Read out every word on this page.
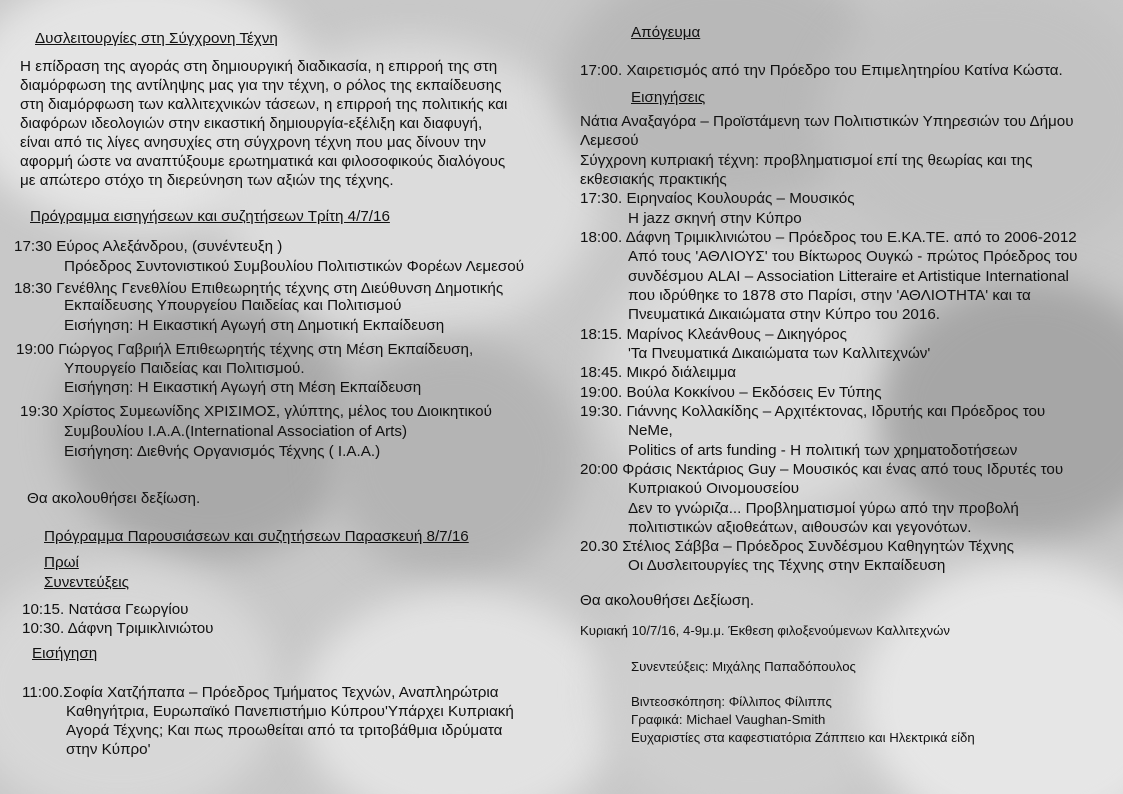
Δυσλειτουργίες στη Σύγχρονη Τέχνη
Η επίδραση της αγοράς στη δημιουργική διαδικασία, η επιρροή της στη
διαμόρφωση της αντίληψης μας για την τέχνη, ο ρόλος της εκπαίδευσης
στη διαμόρφωση των καλλιτεχνικών τάσεων, η επιρροή της πολιτικής και
διαφόρων ιδεολογιών στην εικαστική δημιουργία-εξέλιξη και διαφυγή,
είναι από τις λίγες ανησυχίες στη σύγχρονη τέχνη που μας δίνουν την
αφορμή ώστε να αναπτύξουμε ερωτηματικά και φιλοσοφικούς διαλόγους
με απώτερο στόχο τη διερεύνηση των αξιών της τέχνης.
Πρόγραμμα εισηγήσεων και συζητήσεων Τρίτη 4/7/16
17:30 Εύρος Αλεξάνδρου, (συνέντευξη )
Πρόεδρος Συντονιστικού Συμβουλίου Πολιτιστικών Φορέων Λεμεσού
18:30 Γενέθλης Γενεθλίου Επιθεωρητής τέχνης στη Διεύθυνση Δημοτικής
Εκπαίδευσης Υπουργείου Παιδείας και Πολιτισμού
Εισήγηση: Η Εικαστική Αγωγή στη Δημοτική Εκπαίδευση
19:00 Γιώργος Γαβριήλ Επιθεωρητής τέχνης στη Μέση Εκπαίδευση,
Υπουργείο Παιδείας και Πολιτισμού.
Εισήγηση: Η Εικαστική Αγωγή στη Μέση Εκπαίδευση
19:30 Χρίστος Συμεωνίδης ΧΡΙΣΙΜΟΣ, γλύπτης, μέλος του Διοικητικού
Συμβουλίου Ι.Α.Α.(International Association of Arts)
Εισήγηση: Διεθνής Οργανισμός Τέχνης ( Ι.Α.Α.)
Θα ακολουθήσει δεξίωση.
Πρόγραμμα Παρουσιάσεων και συζητήσεων Παρασκευή 8/7/16
Πρωί
Συνεντεύξεις
10:15. Νατάσα Γεωργίου
10:30. Δάφνη Τριμικλινιώτου
Εισήγηση
11:00.Σοφία Χατζήπαπα – Πρόεδρος Τμήματος Τεχνών, Αναπληρώτρια
Καθηγήτρια, Ευρωπαϊκό Πανεπιστήμιο Κύπρου'Υπάρχει Κυπριακή
Αγορά Τέχνης; Και πως προωθείται από τα τριτοβάθμια ιδρύματα
στην Κύπρο'
Απόγευμα
17:00. Χαιρετισμός από την Πρόεδρο του Επιμελητηρίου Κατίνα Κώστα.
Εισηγήσεις
Νάτια Αναξαγόρα – Προϊστάμενη των Πολιτιστικών Υπηρεσιών του Δήμου
Λεμεσού
Σύγχρονη κυπριακή τέχνη: προβληματισμοί επί της θεωρίας και της
εκθεσιακής πρακτικής
17:30. Ειρηναίος Κουλουράς – Μουσικός
Η jazz σκηνή στην Κύπρο
18:00. Δάφνη Τριμικλινιώτου – Πρόεδρος του Ε.ΚΑ.ΤΕ. από το 2006-2012
Από τους 'ΑΘΛΙΟΥΣ' του Βίκτωρος Ουγκώ - πρώτος Πρόεδρος του
συνδέσμου ALAI – Association Litteraire et Artistique International
που ιδρύθηκε το 1878 στο Παρίσι, στην 'ΑΘΛΙΟΤΗΤΑ' και τα
Πνευματικά Δικαιώματα στην Κύπρο του 2016.
18:15. Μαρίνος Κλεάνθους – Δικηγόρος
'Τα Πνευματικά Δικαιώματα των Καλλιτεχνών'
18:45. Μικρό διάλειμμα
19:00. Βούλα Κοκκίνου – Εκδόσεις Εν Τύπης
19:30. Γιάννης Κολλακίδης – Αρχιτέκτονας, Ιδρυτής και Πρόεδρος του
NeMe,
Politics of arts funding - Η πολιτική των χρηματοδοτήσεων
20:00 Φράσις Νεκτάριος Guy – Μουσικός και ένας από τους Ιδρυτές του
Κυπριακού Οινομουσείου
Δεν το γνώριζα... Προβληματισμοί γύρω από την προβολή
πολιτιστικών αξιοθεάτων, αιθουσών και γεγονότων.
20.30 Στέλιος Σάββα – Πρόεδρος Συνδέσμου Καθηγητών Τέχνης
Οι Δυσλειτουργίες της Τέχνης στην Εκπαίδευση
Θα ακολουθήσει Δεξίωση.
Κυριακή 10/7/16, 4-9μ.μ. Έκθεση φιλοξενούμενων Καλλιτεχνών
Συνεντεύξεις: Μιχάλης Παπαδόπουλος
Βιντεοσκόπηση: Φίλλιπος Φίλιππς
Γραφικά: Michael Vaughan-Smith
Ευχαριστίες στα καφεστιατόρια Ζάππειο και Ηλεκτρικά είδη
